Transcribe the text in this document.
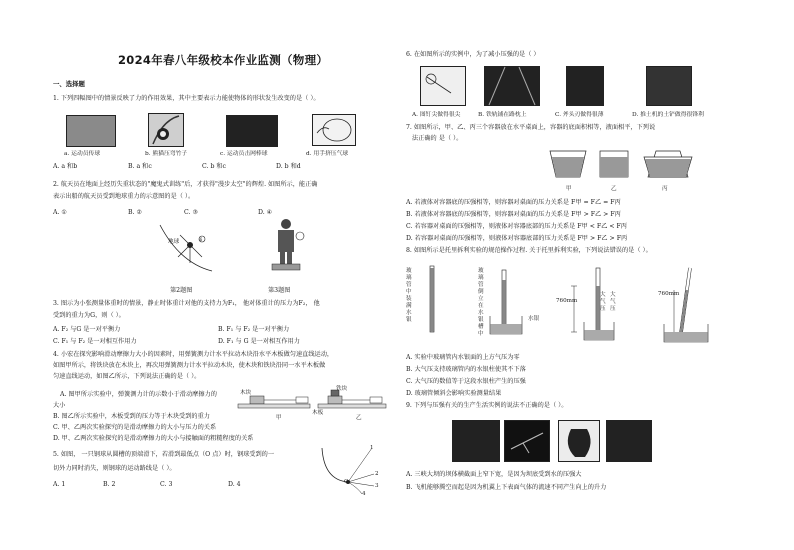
2024年春八年级校本作业监测（物理）
一、选择题
1. 下列四幅图中的情景反映了力的作用效果，其中主要表示力能使物体的形状发生改变的是（ ）。
a. 运动员传球	b. 熊猫压弯竹子	c. 运动员击网棒球	d. 用手挤压气球
A. a 和b	B. a 和c	C. b 和c	D. b 和d
2. 航天员在地面上经历失重状态的"魔鬼式训练"后，才获得"漫步太空"的辉煌. 如图所示，能正确
表示出船的航天员受到地球重力的示意图的是（ ）。
A. ①	B. ②	C. ③	D. ④
6
地球
第2题图	第3题图
3. 图示为小张测量体重时的情景，静止时体重计对他的支持力为F₁， 他对体重计的压力为F₂， 他
受到的重力为G，则（ ）。
A. F₂ 与G 是一对平衡力	B. F₁ 与 F₂ 是一对平衡力
C. F₁ 与 F₂ 是一对相互作用力	D. F₁ 与 G 是一对相互作用力
4. 小宏在探究影响滑动摩擦力大小的因素时，用弹簧测力计水平拉动木块沿水平木板做匀速直线运动，
如图甲所示，将铁块放在木块上，再次用弹簧测力计水平拉动木块，使木块和铁块沿同一水平木板做
匀速直线运动，如图乙所示，下列说法正确的是（ ）。
A. 图甲所示实验中，弹簧测力计的示数小于滑动摩擦力的
大小
木块
铁块
木板
甲	乙
B. 图乙所示实验中，木板受到的压力等于木块受到的重力
C. 甲、乙两次实验探究的是滑动摩擦力的大小与压力的关系
D. 甲、乙两次实验探究的是滑动摩擦力的大小与接触面的粗糙程度的关系
5. 如图， 一只钢球从圆槽的顶端滑下，若滑到最低点（O 点）时，钢球受到的一
切外力同时消失，则钢球的运动路线是（ ）。
A. 1	B. 2	C. 3	D. 4	O
1
2
3
4
6. 在如图所示的实例中，为了减小压强的是（ ）
A. 图钉尖做得很尖	B. 铁轨铺在路枕上	C. 斧头刃做得很薄	D. 推土机的土铲做得很锋利
7. 如图所示，甲、乙、丙三个容器放在水平桌面上，容器的底面积相等，液面相平，下列说
法正确的 是（ ）。
甲	乙	丙
A. 若液体对容器底的压强相等，则容器对桌面的压力关系是 F甲 = F乙 = F丙
B. 若液体对容器底的压强相等，则容器对桌面的压力关系是 F甲 > F乙 > F丙
C. 若容器对桌面的压强相等，则液体对容器底部的压力关系是 F甲 < F乙 < F丙
D. 若容器对桌面的压强相等，则液体对容器底部的压力关系是 F甲 > F乙 > F丙
8. 如图所示是托里拆利实验的规范操作过程. 关于托里拆利实验，下列说法错误的是（ ）。
玻璃管中装满水银
玻璃管倒立在水银槽中
水银
760mm
大气压
大气压
760mm
A. 实验中玻璃管内水银面的上方气压为零
B. 大气压支持玻璃管内的水银柱使其不下落
C. 大气压的数值等于这段水银柱产生的压强
D. 玻璃管倾斜会影响实验测量结果
9. 下列与压强有关的生产生活实例的说法不正确的是（ ）。
A. 三峡大坝的坝体横截面上窄下宽，是因为坝底受到水的压强大
B. 飞机能够腾空而起是因为机翼上下表面气体的流速不同产生向上的升力
